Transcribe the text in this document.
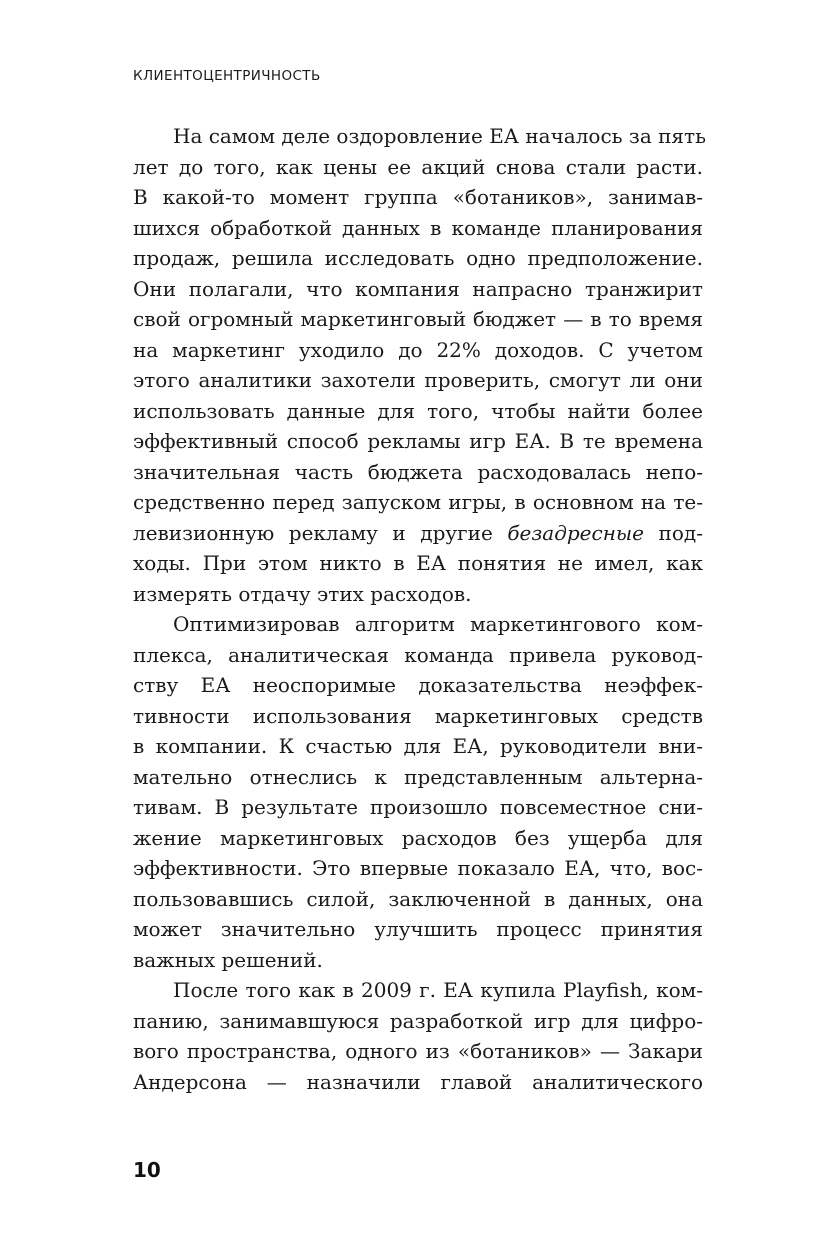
КЛИЕНТОЦЕНТРИЧНОСТЬ
На самом деле оздоровление ЕА началось за пять
лет до того, как цены ее акций снова стали расти.
В какой-то момент группа «ботаников», занимав-
шихся обработкой данных в команде планирования
продаж, решила исследовать одно предположение.
Они полагали, что компания напрасно транжирит
свой огромный маркетинговый бюджет — в то время
на маркетинг уходило до 22% доходов. С учетом
этого аналитики захотели проверить, смогут ли они
использовать данные для того, чтобы найти более
эффективный способ рекламы игр ЕА. В те времена
значительная часть бюджета расходовалась непо-
средственно перед запуском игры, в основном на те-
левизионную рекламу и другие безадресные под-
ходы. При этом никто в ЕА понятия не имел, как
измерять отдачу этих расходов.
Оптимизировав алгоритм маркетингового ком-
плекса, аналитическая команда привела руковод-
ству ЕА неоспоримые доказательства неэффек-
тивности использования маркетинговых средств
в компании. К счастью для ЕА, руководители вни-
мательно отнеслись к представленным альтерна-
тивам. В результате произошло повсеместное сни-
жение маркетинговых расходов без ущерба для
эффективности. Это впервые показало ЕА, что, вос-
пользовавшись силой, заключенной в данных, она
может значительно улучшить процесс принятия
важных решений.
После того как в 2009 г. ЕА купила Playfish, ком-
панию, занимавшуюся разработкой игр для цифро-
вого пространства, одного из «ботаников» — Закари
Андерсона — назначили главой аналитического
10
